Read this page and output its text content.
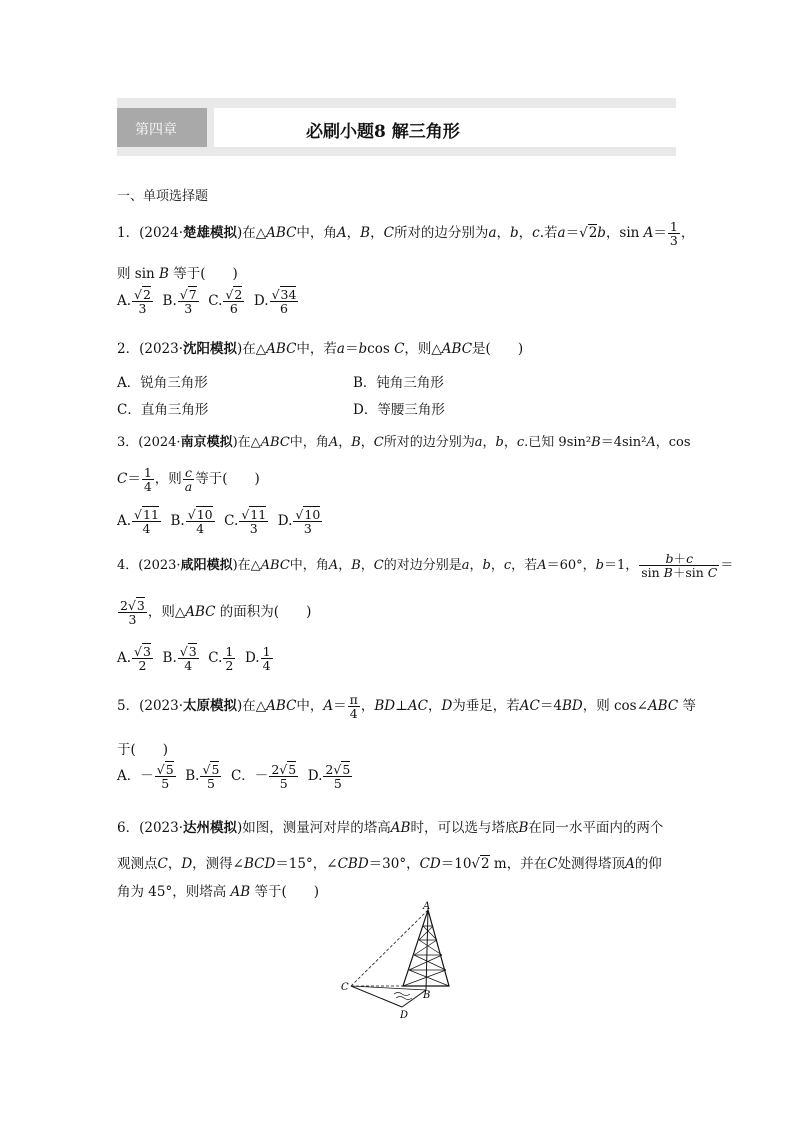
第四章	必刷小题8 解三角形
一、单项选择题
1．(2024·楚雄模拟)在△ABC中，角A，B，C所对的边分别为a，b，c.若a＝ √ 2b，$\sin A= \frac{1}{3}$ ，
则 sin B 等于(　　)
A. √ $\frac{2}{3} B$. √ $\frac{7}{3} C$. √ $\frac{2}{6} D$. √ $\frac{34}{6}$
2．(2023·沈阳模拟)在△ABC中，若a＝bcos C，则△ABC是(　　)
A．锐角三角形	B．钝角三角形
C．直角三角形	D．等腰三角形
3．(2024·南京模拟)在△ABC中，角A，B，C所对的边分别为a，b，c.已知 9sin²B＝4sin²A，cos
$C= \frac{1}{4}$ ，则 $\frac{c}{a}$ 等于(　　)
A. √ $\frac{11}{4} B$. √ $\frac{10}{4} C$. √ $\frac{11}{3} D$. √ $\frac{10}{3}$
4．(2023·咸阳模拟)在△ABC中，角A，B，C的对边分别是a，b，c，若A＝60°，b＝1， $\frac{b+c}{\text{sin B＋sin C}}$ ＝
$\frac{2 √ 3}{3}$ ，则△ABC 的面积为(　　)
A. √ $\frac{3}{2} B$. √ $\frac{3}{4} C$. $\frac{1}{2} D$. $\frac{1}{4}$
5．(2023·太原模拟)在△ABC中，$A= \frac{\pi}{4}$ ，BD⊥AC，D为垂足，若AC＝4BD，则 cos∠ABC 等
于(　　)
A．－ √ $\frac{5}{5} B$. √ $\frac{5}{5}$ C．－ $\frac{2 √ 5}{5} D$. $\frac{2 √ 5}{5}$
6．(2023·达州模拟)如图，测量河对岸的塔高AB时，可以选与塔底B在同一水平面内的两个
观测点C，D，测得∠BCD＝15°，∠CBD＝30°，CD＝10 √ 2 m，并在C处测得塔顶A的仰
角为 45°，则塔高 AB 等于(　　)
A
B
C
D
